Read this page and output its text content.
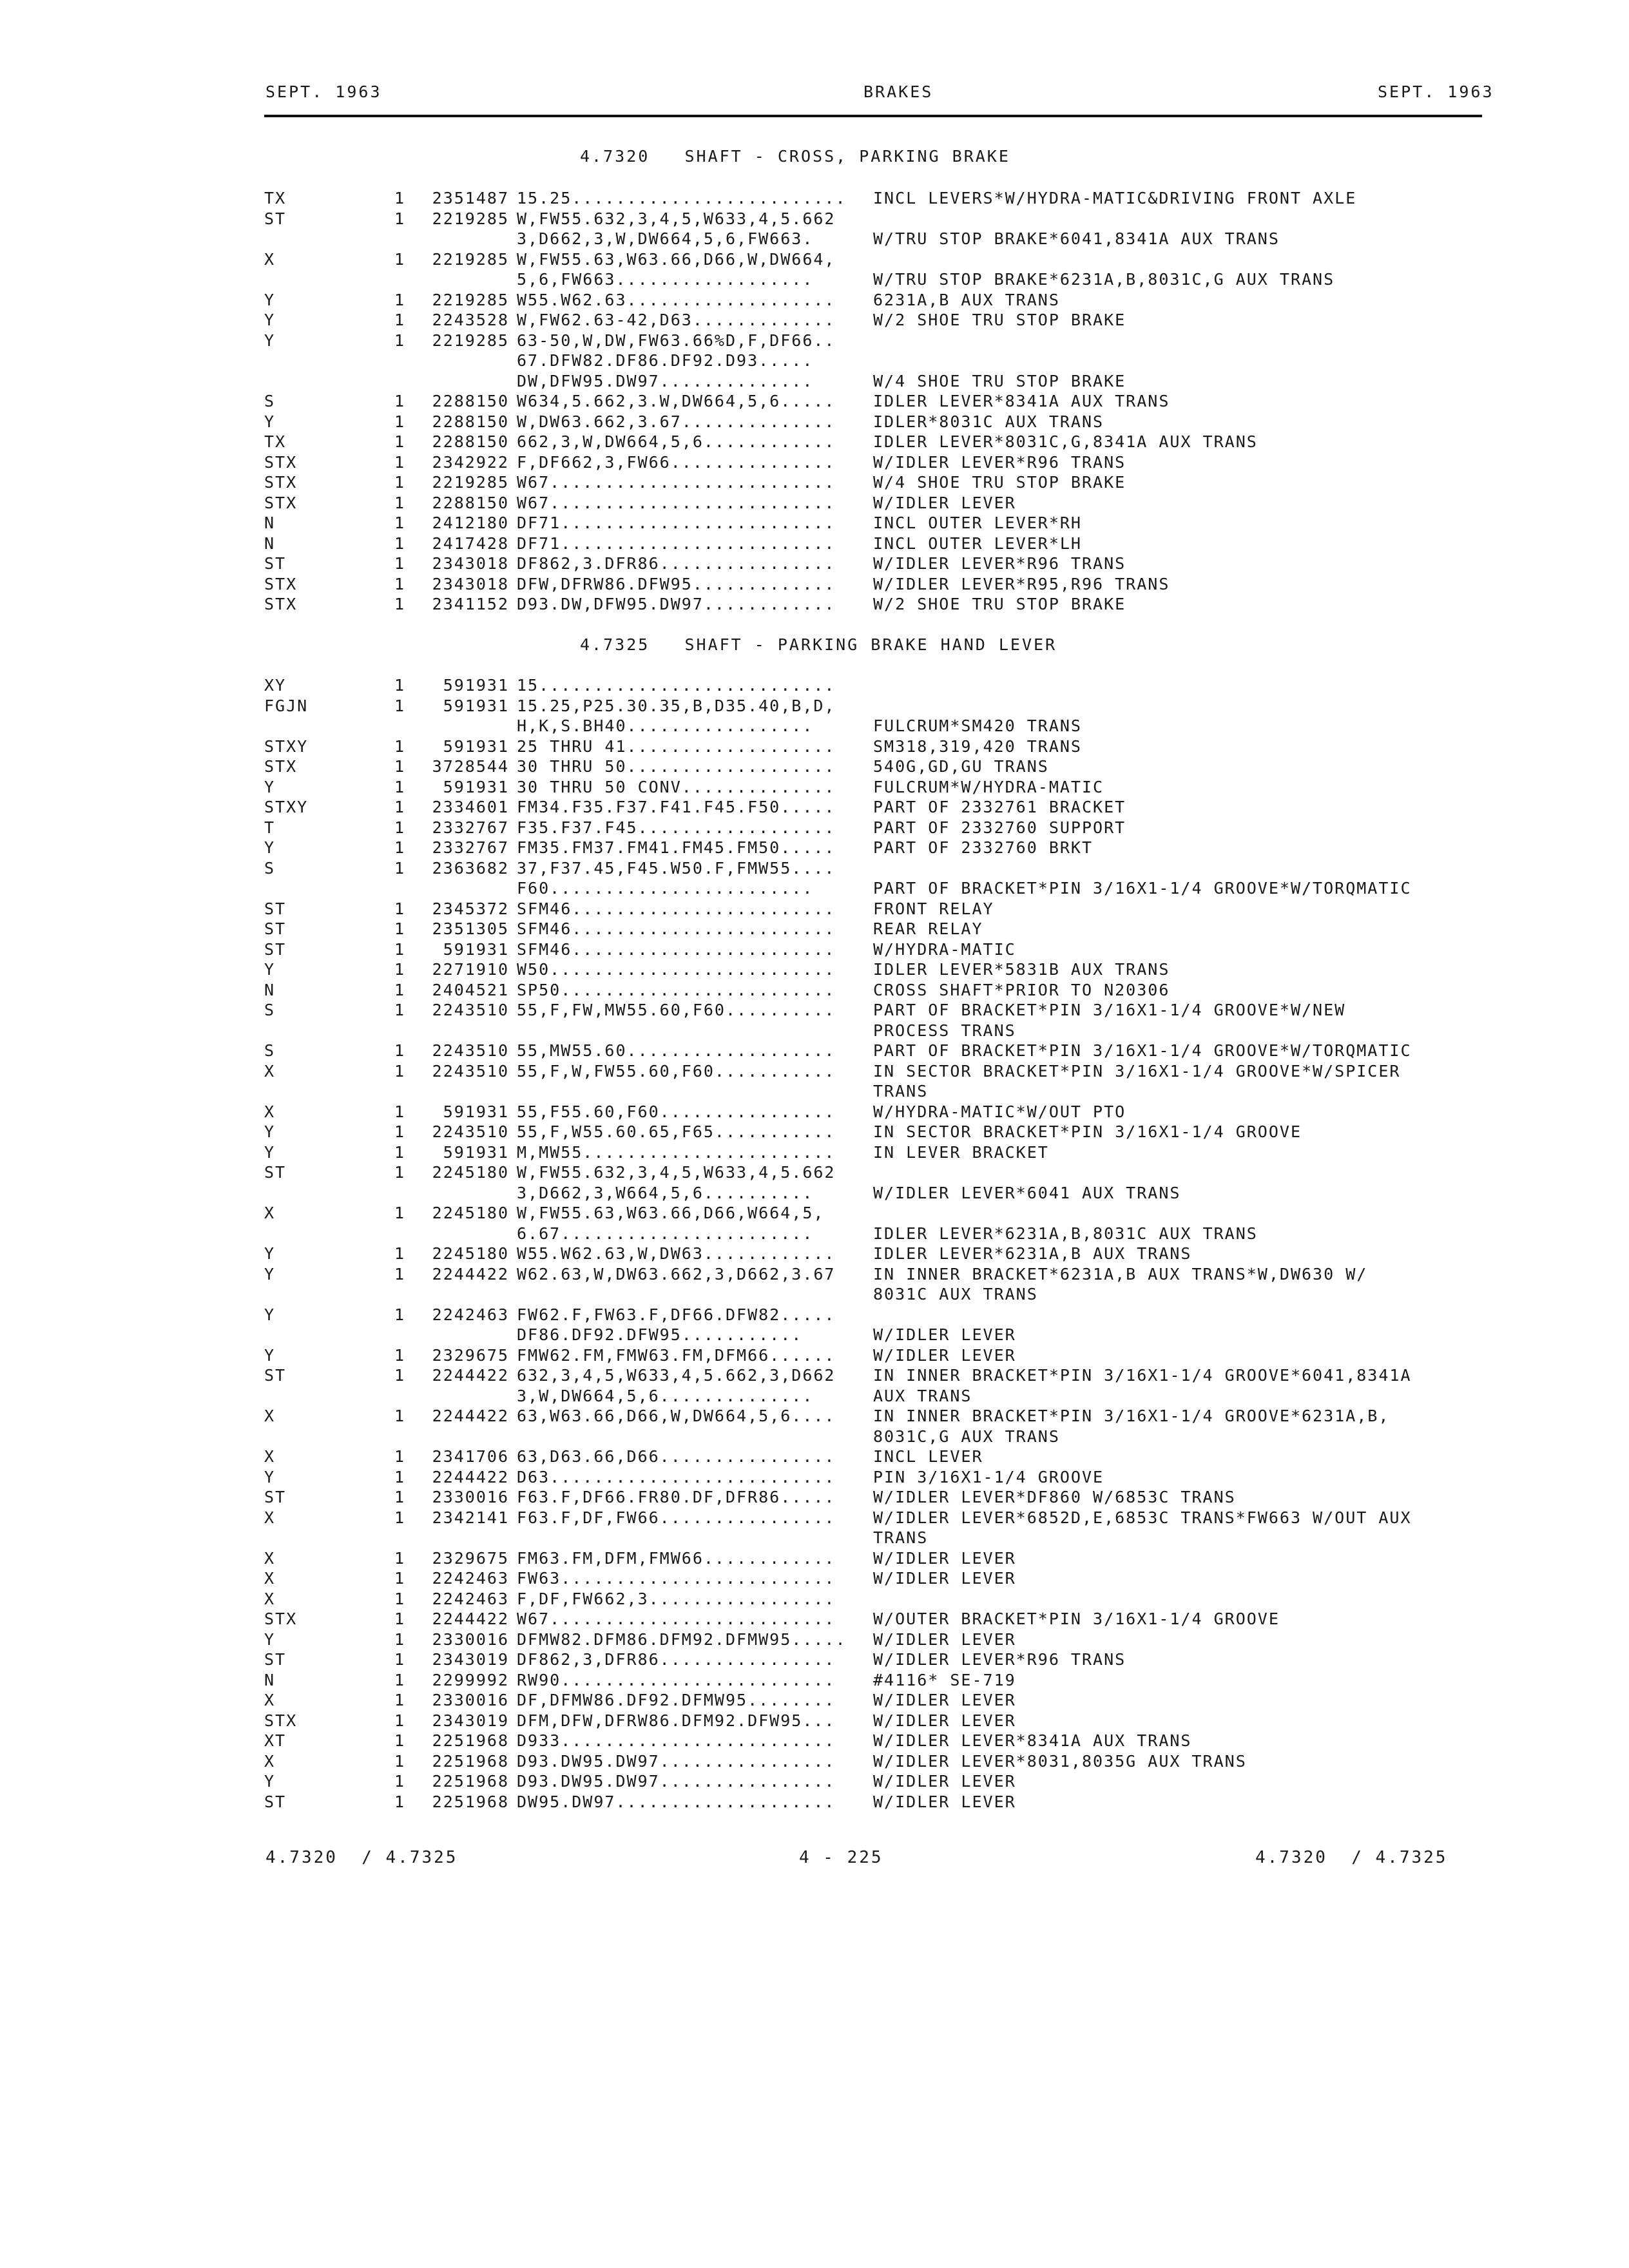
SEPT. 1963	BRAKES	SEPT. 1963
4.7320   SHAFT - CROSS, PARKING BRAKE
TX	1	2351487 15.25......................... INCL LEVERS*W/HYDRA-MATIC&DRIVING FRONT AXLE
ST	1	2219285 W,FW55.632,3,4,5,W633,4,5.662
3,D662,3,W,DW664,5,6,FW663.	W/TRU STOP BRAKE*6041,8341A AUX TRANS
X	1	2219285 W,FW55.63,W63.66,D66,W,DW664,
5,6,FW663..................	W/TRU STOP BRAKE*6231A,B,8031C,G AUX TRANS
Y	1	2219285 W55.W62.63................... 6231A,B AUX TRANS
Y	1	2243528 W,FW62.63-42,D63............. W/2 SHOE TRU STOP BRAKE
Y	1	2219285 63-50,W,DW,FW63.66%D,F,DF66..
67.DFW82.DF86.DF92.D93.....
DW,DFW95.DW97..............	W/4 SHOE TRU STOP BRAKE
S	1	2288150 W634,5.662,3.W,DW664,5,6..... IDLER LEVER*8341A AUX TRANS
Y	1	2288150 W,DW63.662,3.67.............. IDLER*8031C AUX TRANS
TX	1	2288150 662,3,W,DW664,5,6............ IDLER LEVER*8031C,G,8341A AUX TRANS
STX	1	2342922 F,DF662,3,FW66............... W/IDLER LEVER*R96 TRANS
STX	1	2219285 W67.......................... W/4 SHOE TRU STOP BRAKE
STX	1	2288150 W67.......................... W/IDLER LEVER
N	1	2412180 DF71......................... INCL OUTER LEVER*RH
N	1	2417428 DF71......................... INCL OUTER LEVER*LH
ST	1	2343018 DF862,3.DFR86................ W/IDLER LEVER*R96 TRANS
STX	1	2343018 DFW,DFRW86.DFW95............. W/IDLER LEVER*R95,R96 TRANS
STX	1	2341152 D93.DW,DFW95.DW97............ W/2 SHOE TRU STOP BRAKE
4.7325   SHAFT - PARKING BRAKE HAND LEVER
XY	1	591931 15...........................
FGJN	1	591931 15.25,P25.30.35,B,D35.40,B,D,
H,K,S.BH40.................	FULCRUM*SM420 TRANS
STXY	1	591931 25 THRU 41................... SM318,319,420 TRANS
STX	1	3728544 30 THRU 50................... 540G,GD,GU TRANS
Y	1	591931 30 THRU 50 CONV.............. FULCRUM*W/HYDRA-MATIC
STXY	1	2334601 FM34.F35.F37.F41.F45.F50..... PART OF 2332761 BRACKET
T	1	2332767 F35.F37.F45.................. PART OF 2332760 SUPPORT
Y	1	2332767 FM35.FM37.FM41.FM45.FM50..... PART OF 2332760 BRKT
S	1	2363682 37,F37.45,F45.W50.F,FMW55....
F60........................	PART OF BRACKET*PIN 3/16X1-1/4 GROOVE*W/TORQMATIC
ST	1	2345372 SFM46........................ FRONT RELAY
ST	1	2351305 SFM46........................ REAR RELAY
ST	1	591931 SFM46........................ W/HYDRA-MATIC
Y	1	2271910 W50.......................... IDLER LEVER*5831B AUX TRANS
N	1	2404521 SP50......................... CROSS SHAFT*PRIOR TO N20306
S	1	2243510 55,F,FW,MW55.60,F60.......... PART OF BRACKET*PIN 3/16X1-1/4 GROOVE*W/NEW
PROCESS TRANS
S	1	2243510 55,MW55.60................... PART OF BRACKET*PIN 3/16X1-1/4 GROOVE*W/TORQMATIC
X	1	2243510 55,F,W,FW55.60,F60........... IN SECTOR BRACKET*PIN 3/16X1-1/4 GROOVE*W/SPICER
TRANS
X	1	591931 55,F55.60,F60................ W/HYDRA-MATIC*W/OUT PTO
Y	1	2243510 55,F,W55.60.65,F65........... IN SECTOR BRACKET*PIN 3/16X1-1/4 GROOVE
Y	1	591931 M,MW55....................... IN LEVER BRACKET
ST	1	2245180 W,FW55.632,3,4,5,W633,4,5.662
3,D662,3,W664,5,6..........	W/IDLER LEVER*6041 AUX TRANS
X	1	2245180 W,FW55.63,W63.66,D66,W664,5,
6.67.......................	IDLER LEVER*6231A,B,8031C AUX TRANS
Y	1	2245180 W55.W62.63,W,DW63............ IDLER LEVER*6231A,B AUX TRANS
Y	1	2244422 W62.63,W,DW63.662,3,D662,3.67 IN INNER BRACKET*6231A,B AUX TRANS*W,DW630 W/
8031C AUX TRANS
Y	1	2242463 FW62.F,FW63.F,DF66.DFW82.....
DF86.DF92.DFW95...........	W/IDLER LEVER
Y	1	2329675 FMW62.FM,FMW63.FM,DFM66...... W/IDLER LEVER
ST	1	2244422 632,3,4,5,W633,4,5.662,3,D662 IN INNER BRACKET*PIN 3/16X1-1/4 GROOVE*6041,8341A
3,W,DW664,5,6..............	AUX TRANS
X	1	2244422 63,W63.66,D66,W,DW664,5,6.... IN INNER BRACKET*PIN 3/16X1-1/4 GROOVE*6231A,B,
8031C,G AUX TRANS
X	1	2341706 63,D63.66,D66................ INCL LEVER
Y	1	2244422 D63.......................... PIN 3/16X1-1/4 GROOVE
ST	1	2330016 F63.F,DF66.FR80.DF,DFR86..... W/IDLER LEVER*DF860 W/6853C TRANS
X	1	2342141 F63.F,DF,FW66................ W/IDLER LEVER*6852D,E,6853C TRANS*FW663 W/OUT AUX
TRANS
X	1	2329675 FM63.FM,DFM,FMW66............ W/IDLER LEVER
X	1	2242463 FW63......................... W/IDLER LEVER
X	1	2242463 F,DF,FW662,3.................
STX	1	2244422 W67.......................... W/OUTER BRACKET*PIN 3/16X1-1/4 GROOVE
Y	1	2330016 DFMW82.DFM86.DFM92.DFMW95..... W/IDLER LEVER
ST	1	2343019 DF862,3,DFR86................ W/IDLER LEVER*R96 TRANS
N	1	2299992 RW90......................... #4116* SE-719
X	1	2330016 DF,DFMW86.DF92.DFMW95........ W/IDLER LEVER
STX	1	2343019 DFM,DFW,DFRW86.DFM92.DFW95... W/IDLER LEVER
XT	1	2251968 D933......................... W/IDLER LEVER*8341A AUX TRANS
X	1	2251968 D93.DW95.DW97................ W/IDLER LEVER*8031,8035G AUX TRANS
Y	1	2251968 D93.DW95.DW97................ W/IDLER LEVER
ST	1	2251968 DW95.DW97.................... W/IDLER LEVER
4.7320  / 4.7325	4 - 225	4.7320  / 4.7325
